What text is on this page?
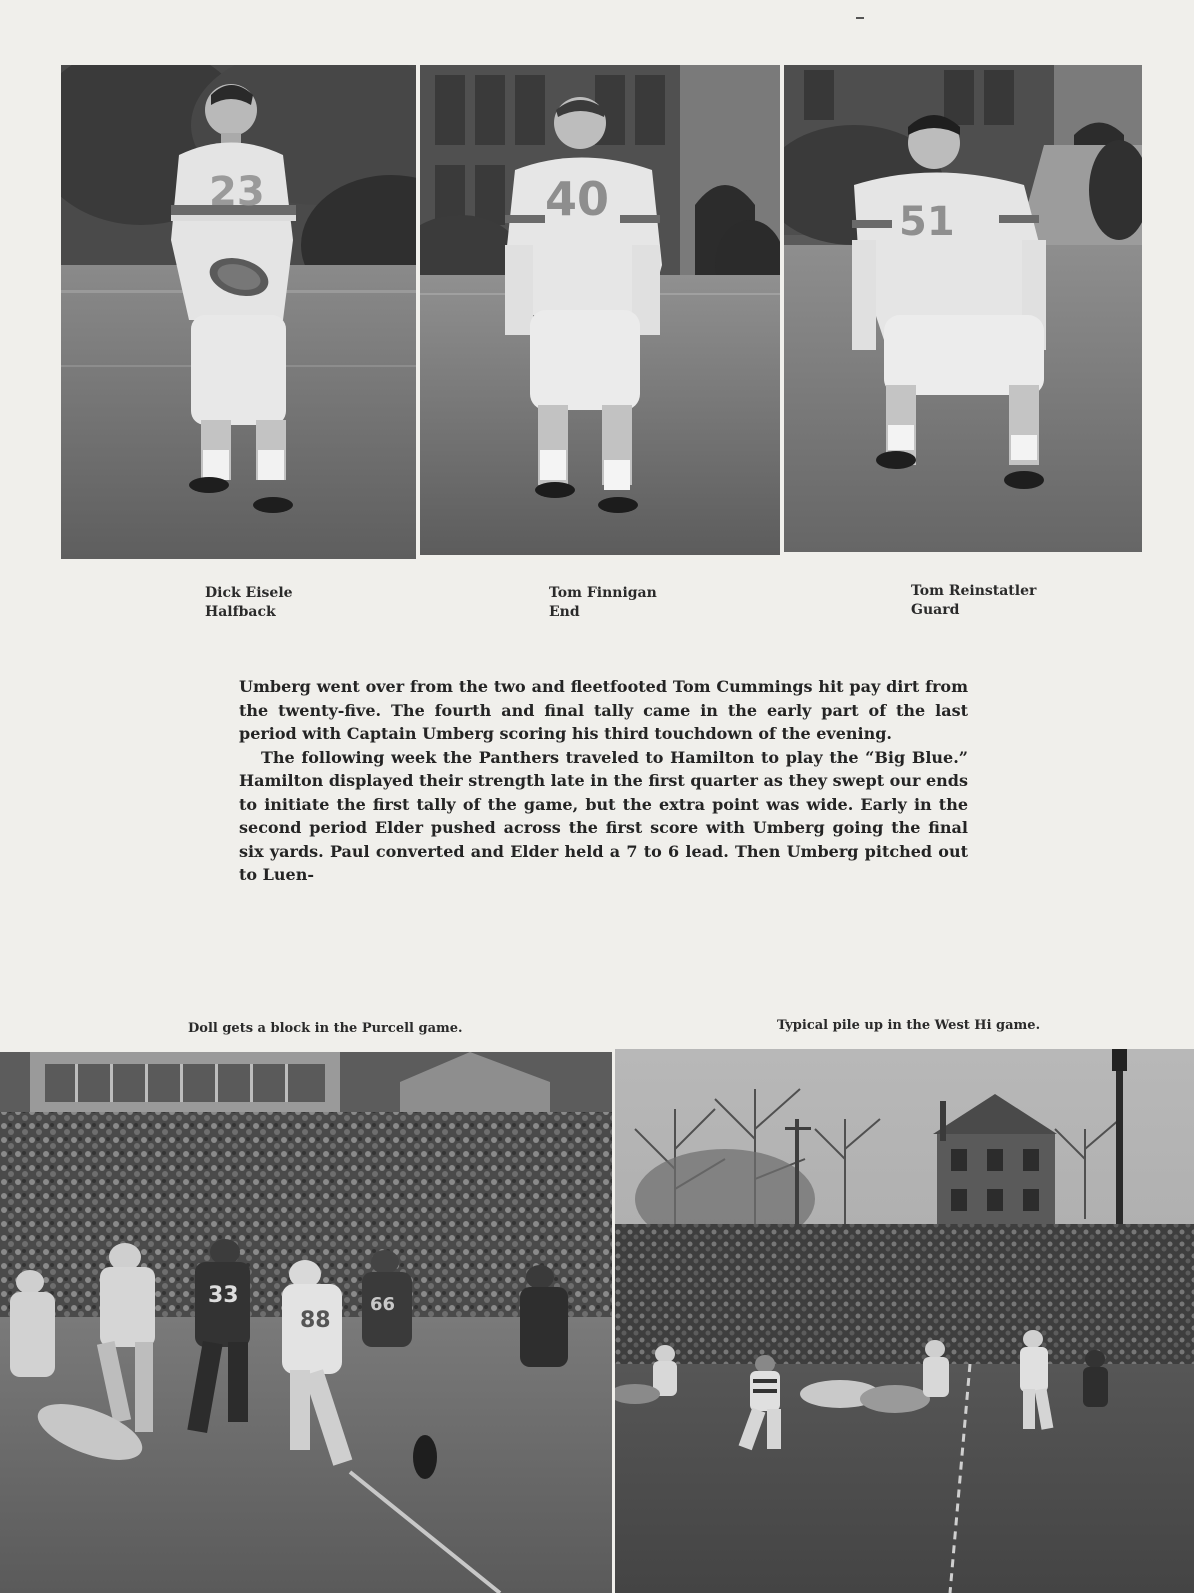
23	40	51
Dick Eisele
Halfback
Tom Finnigan
End
Tom Reinstatler
Guard

Umberg went over from the two and fleetfooted Tom Cummings hit pay dirt from the twenty-five. The fourth and final tally came in the early part of the last period with Captain Umberg scoring his third touchdown of the evening.

The following week the Panthers traveled to Hamilton to play the “Big Blue.” Hamilton displayed their strength late in the first quarter as they swept our ends to initiate the first tally of the game, but the extra point was wide. Early in the second period Elder pushed across the first score with Umberg going the final six yards. Paul converted and Elder held a 7 to 6 lead. Then Umberg pitched out to Luen-

Doll gets a block in the Purcell game.	Typical pile up in the West Hi game.
33
88
66
